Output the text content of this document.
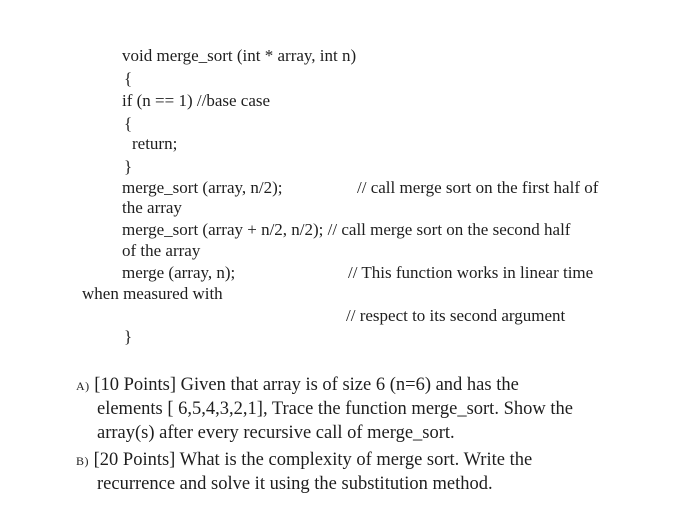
void merge_sort (int * array, int n)
{
if (n == 1) //base case
{
return;
}
merge_sort (array, n/2);	// call merge sort on the first half of
the array
merge_sort (array + n/2, n/2); // call merge sort on the second half
of the array
merge (array, n);	// This function works in linear time
when measured with
// respect to its second argument
}
A) [10 Points] Given that array is of size 6 (n=6) and has the
elements [ 6,5,4,3,2,1], Trace the function merge_sort. Show the
array(s) after every recursive call of merge_sort.
B) [20 Points] What is the complexity of merge sort. Write the
recurrence and solve it using the substitution method.
